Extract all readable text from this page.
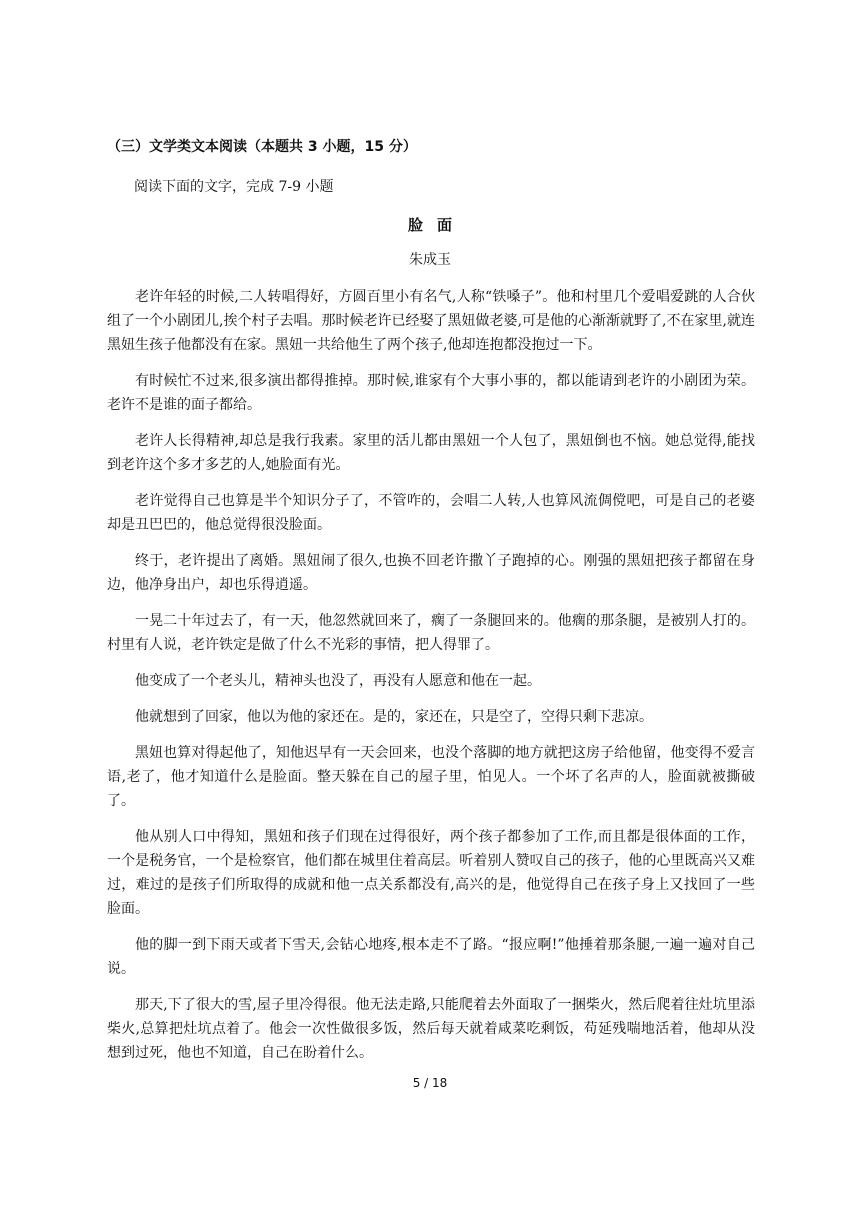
（三）文学类文本阅读（本题共 3 小题，15 分）
阅读下面的文字，完成 7-9 小题
脸面
朱成玉

老许年轻的时候,二人转唱得好，方圆百里小有名气,人称“铁嗓子”。他和村里几个爱唱爱跳的人合伙组了一个小剧团儿,挨个村子去唱。那时候老许已经娶了黑妞做老婆,可是他的心渐渐就野了,不在家里,就连黑妞生孩子他都没有在家。黑妞一共给他生了两个孩子,他却连抱都没抱过一下。

有时候忙不过来,很多演出都得推掉。那时候,谁家有个大事小事的，都以能请到老许的小剧团为荣。老许不是谁的面子都给。

老许人长得精神,却总是我行我素。家里的活儿都由黑妞一个人包了，黑妞倒也不恼。她总觉得,能找到老许这个多才多艺的人,她脸面有光。

老许觉得自己也算是半个知识分子了，不管咋的，会唱二人转,人也算风流倜傥吧，可是自己的老婆却是丑巴巴的，他总觉得很没脸面。

终于，老许提出了离婚。黑妞闹了很久,也换不回老许撒丫子跑掉的心。刚强的黑妞把孩子都留在身边，他净身出户，却也乐得逍遥。

一晃二十年过去了，有一天，他忽然就回来了，瘸了一条腿回来的。他瘸的那条腿，是被别人打的。村里有人说，老许铁定是做了什么不光彩的事情，把人得罪了。

他变成了一个老头儿，精神头也没了，再没有人愿意和他在一起。

他就想到了回家，他以为他的家还在。是的，家还在，只是空了，空得只剩下悲凉。

黑妞也算对得起他了，知他迟早有一天会回来，也没个落脚的地方就把这房子给他留，他变得不爱言语,老了，他才知道什么是脸面。整天躲在自己的屋子里，怕见人。一个坏了名声的人，脸面就被撕破了。

他从别人口中得知，黑妞和孩子们现在过得很好，两个孩子都参加了工作,而且都是很体面的工作，一个是税务官，一个是检察官，他们都在城里住着高层。听着别人赞叹自己的孩子，他的心里既高兴又难过，难过的是孩子们所取得的成就和他一点关系都没有,高兴的是，他觉得自己在孩子身上又找回了一些脸面。

他的脚一到下雨天或者下雪天,会钻心地疼,根本走不了路。“报应啊!”他捶着那条腿,一遍一遍对自己说。

那天,下了很大的雪,屋子里冷得很。他无法走路,只能爬着去外面取了一捆柴火，然后爬着往灶坑里添柴火,总算把灶坑点着了。他会一次性做很多饭，然后每天就着咸菜吃剩饭，苟延残喘地活着，他却从没想到过死，他也不知道，自己在盼着什么。

5 / 18
